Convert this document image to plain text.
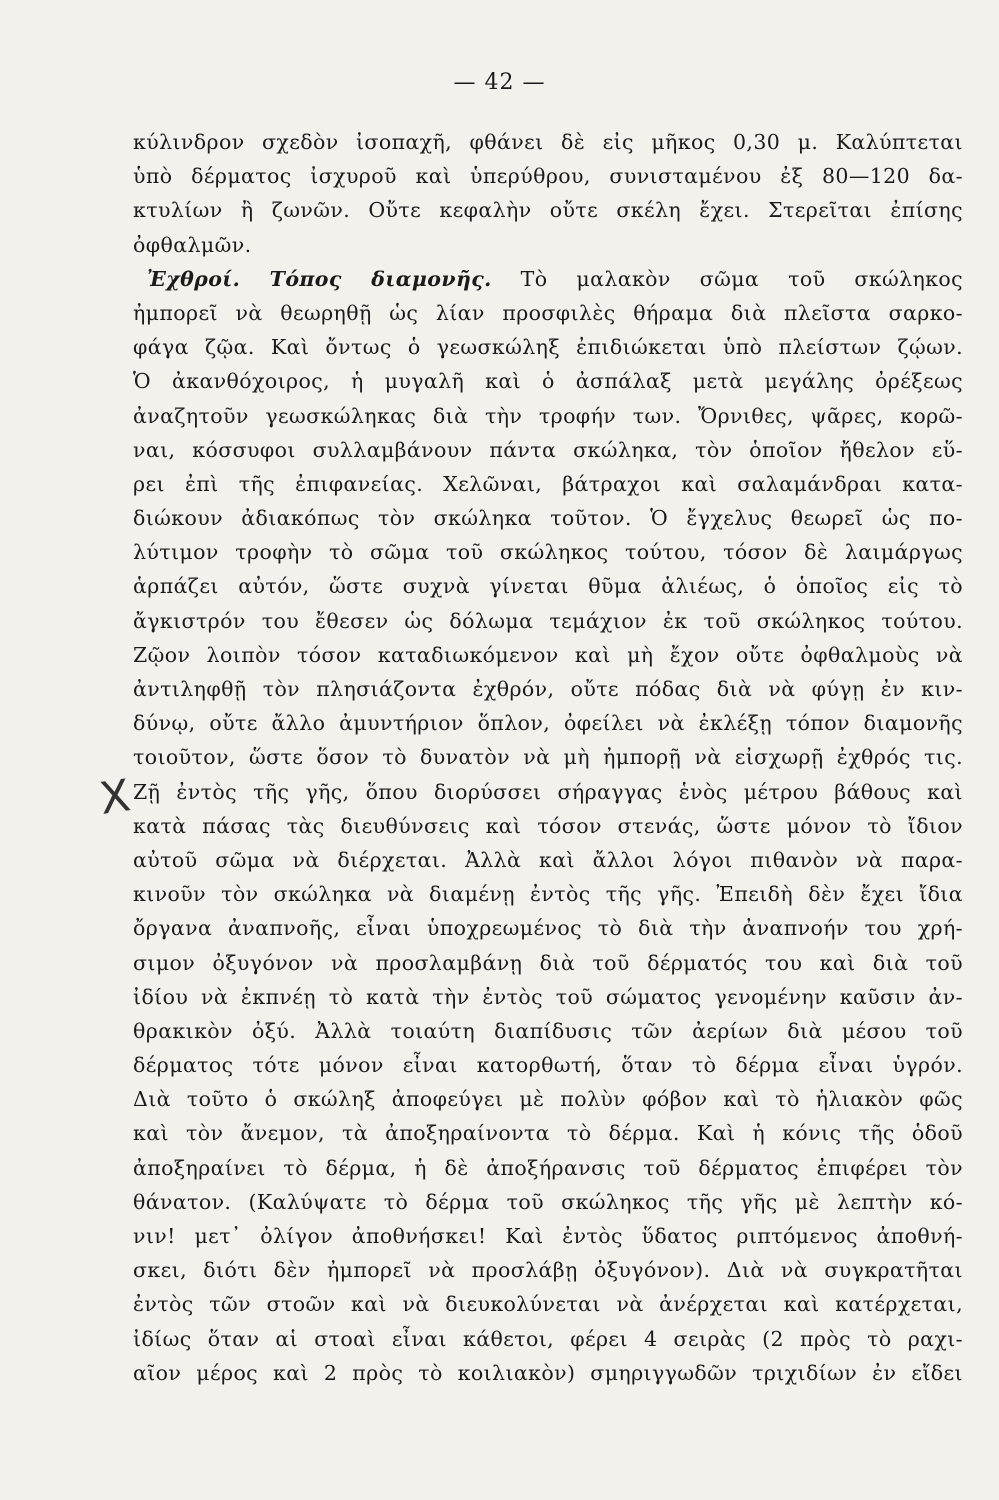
— 42 —
X
κύλινδρον σχεδὸν ἰσοπαχῆ, φθάνει δὲ εἰς μῆκος 0,30 μ. Καλύπτεται
ὑπὸ δέρματος ἰσχυροῦ καὶ ὑπερύθρου, συνισταμένου ἐξ 80—120 δα-
κτυλίων ἢ ζωνῶν. Οὔτε κεφαλὴν οὔτε σκέλη ἔχει. Στερεῖται ἐπίσης
ὀφθαλμῶν.
Ἐχθροί. Τόπος διαμονῆς. Τὸ μαλακὸν σῶμα τοῦ σκώληκος
ἠμπορεῖ νὰ θεωρηθῇ ὡς λίαν προσφιλὲς θήραμα διὰ πλεῖστα σαρκο-
φάγα ζῷα. Καὶ ὄντως ὁ γεωσκώληξ ἐπιδιώκεται ὑπὸ πλείστων ζῴων.
Ὁ ἀκανθόχοιρος, ἡ μυγαλῆ καὶ ὁ ἀσπάλαξ μετὰ μεγάλης ὀρέξεως
ἀναζητοῦν γεωσκώληκας διὰ τὴν τροφήν των. Ὄρνιθες, ψᾶρες, κορῶ-
ναι, κόσσυφοι συλλαμβάνουν πάντα σκώληκα, τὸν ὁποῖον ἤθελον εὕ-
ρει ἐπὶ τῆς ἐπιφανείας. Χελῶναι, βάτραχοι καὶ σαλαμάνδραι κατα-
διώκουν ἀδιακόπως τὸν σκώληκα τοῦτον. Ὁ ἔγχελυς θεωρεῖ ὡς πο-
λύτιμον τροφὴν τὸ σῶμα τοῦ σκώληκος τούτου, τόσον δὲ λαιμάργως
ἁρπάζει αὐτόν, ὥστε συχνὰ γίνεται θῦμα ἁλιέως, ὁ ὁποῖος εἰς τὸ
ἄγκιστρόν του ἔθεσεν ὡς δόλωμα τεμάχιον ἐκ τοῦ σκώληκος τούτου.
Ζῷον λοιπὸν τόσον καταδιωκόμενον καὶ μὴ ἔχον οὔτε ὀφθαλμοὺς νὰ
ἀντιληφθῇ τὸν πλησιάζοντα ἐχθρόν, οὔτε πόδας διὰ νὰ φύγῃ ἐν κιν-
δύνῳ, οὔτε ἄλλο ἀμυντήριον ὅπλον, ὀφείλει νὰ ἐκλέξῃ τόπον διαμονῆς
τοιοῦτον, ὥστε ὅσον τὸ δυνατὸν νὰ μὴ ἠμπορῇ νὰ εἰσχωρῇ ἐχθρός τις.
Ζῇ ἐντὸς τῆς γῆς, ὅπου διορύσσει σήραγγας ἑνὸς μέτρου βάθους καὶ
κατὰ πάσας τὰς διευθύνσεις καὶ τόσον στενάς, ὥστε μόνον τὸ ἴδιον
αὐτοῦ σῶμα νὰ διέρχεται. Ἀλλὰ καὶ ἄλλοι λόγοι πιθανὸν νὰ παρα-
κινοῦν τὸν σκώληκα νὰ διαμένῃ ἐντὸς τῆς γῆς. Ἐπειδὴ δὲν ἔχει ἴδια
ὄργανα ἀναπνοῆς, εἶναι ὑποχρεωμένος τὸ διὰ τὴν ἀναπνοήν του χρή-
σιμον ὀξυγόνον νὰ προσλαμβάνῃ διὰ τοῦ δέρματός του καὶ διὰ τοῦ
ἰδίου νὰ ἐκπνέῃ τὸ κατὰ τὴν ἐντὸς τοῦ σώματος γενομένην καῦσιν ἀν-
θρακικὸν ὀξύ. Ἀλλὰ τοιαύτη διαπίδυσις τῶν ἀερίων διὰ μέσου τοῦ
δέρματος τότε μόνον εἶναι κατορθωτή, ὅταν τὸ δέρμα εἶναι ὑγρόν.
Διὰ τοῦτο ὁ σκώληξ ἀποφεύγει μὲ πολὺν φόβον καὶ τὸ ἡλιακὸν φῶς
καὶ τὸν ἄνεμον, τὰ ἀποξηραίνοντα τὸ δέρμα. Καὶ ἡ κόνις τῆς ὁδοῦ
ἀποξηραίνει τὸ δέρμα, ἡ δὲ ἀποξήρανσις τοῦ δέρματος ἐπιφέρει τὸν
θάνατον. (Καλύψατε τὸ δέρμα τοῦ σκώληκος τῆς γῆς μὲ λεπτὴν κό-
νιν! μετ᾽ ὀλίγον ἀποθνήσκει! Καὶ ἐντὸς ὕδατος ριπτόμενος ἀποθνή-
σκει, διότι δὲν ἠμπορεῖ νὰ προσλάβῃ ὀξυγόνον). Διὰ νὰ συγκρατῆται
ἐντὸς τῶν στοῶν καὶ νὰ διευκολύνεται νὰ ἀνέρχεται καὶ κατέρχεται,
ἰδίως ὅταν αἱ στοαὶ εἶναι κάθετοι, φέρει 4 σειρὰς (2 πρὸς τὸ ραχι-
αῖον μέρος καὶ 2 πρὸς τὸ κοιλιακὸν) σμηριγγωδῶν τριχιδίων ἐν εἴδει
